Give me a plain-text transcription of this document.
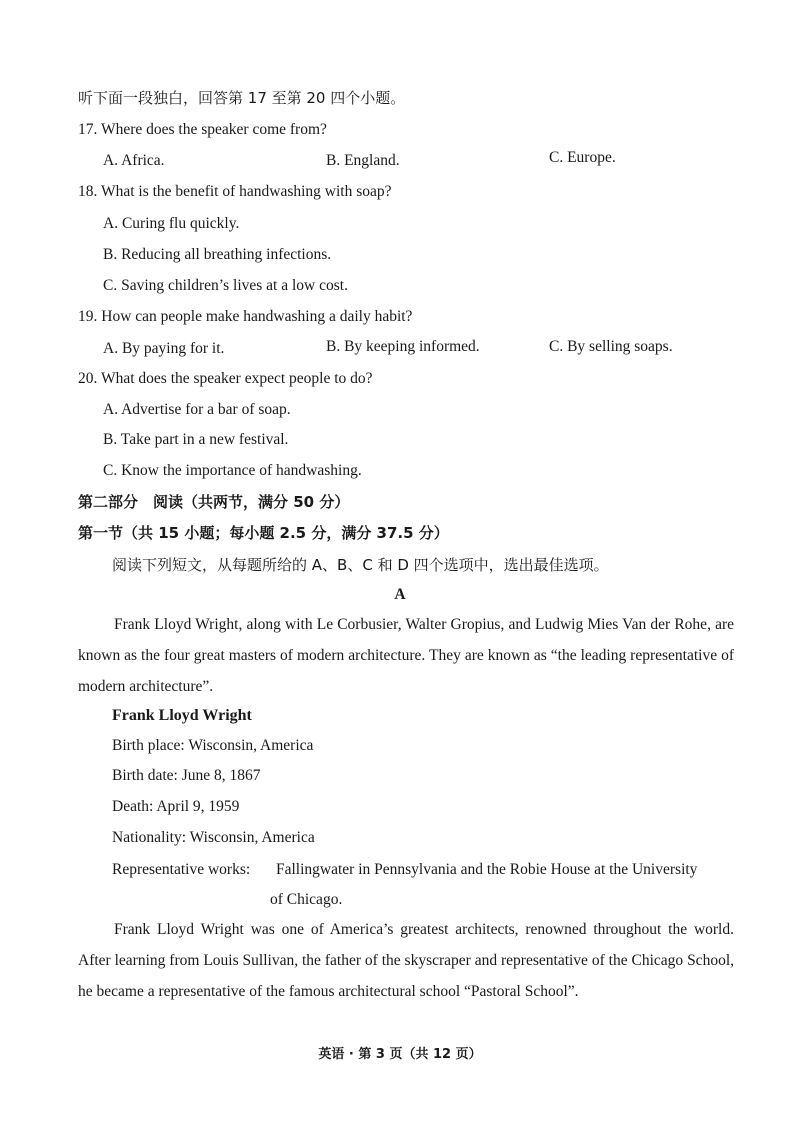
听下面一段独白，回答第 17 至第 20 四个小题。
17. Where does the speaker come from?
A. Africa.	B. England.	C. Europe.
18. What is the benefit of handwashing with soap?
A. Curing flu quickly.
B. Reducing all breathing infections.
C. Saving children’s lives at a low cost.
19. How can people make handwashing a daily habit?
A. By paying for it.	B. By keeping informed.	C. By selling soaps.
20. What does the speaker expect people to do?
A. Advertise for a bar of soap.
B. Take part in a new festival.
C. Know the importance of handwashing.
第二部分　阅读（共两节，满分 50 分）
第一节（共 15 小题；每小题 2.5 分，满分 37.5 分）
阅读下列短文，从每题所给的 A、B、C 和 D 四个选项中，选出最佳选项。
A
Frank Lloyd Wright, along with Le Corbusier, Walter Gropius, and Ludwig Mies Van der Rohe, are known as the four great masters of modern architecture. They are known as “the leading representative of modern architecture”.
Frank Lloyd Wright
Birth place: Wisconsin, America
Birth date: June 8, 1867
Death: April 9, 1959
Nationality: Wisconsin, America
Representative works: Fallingwater in Pennsylvania and the Robie House at the University
of Chicago.
Frank Lloyd Wright was one of America’s greatest architects, renowned throughout the world. After learning from Louis Sullivan, the father of the skyscraper and representative of the Chicago School, he became a representative of the famous architectural school “Pastoral School”.
英语 · 第 3 页（共 12 页）
